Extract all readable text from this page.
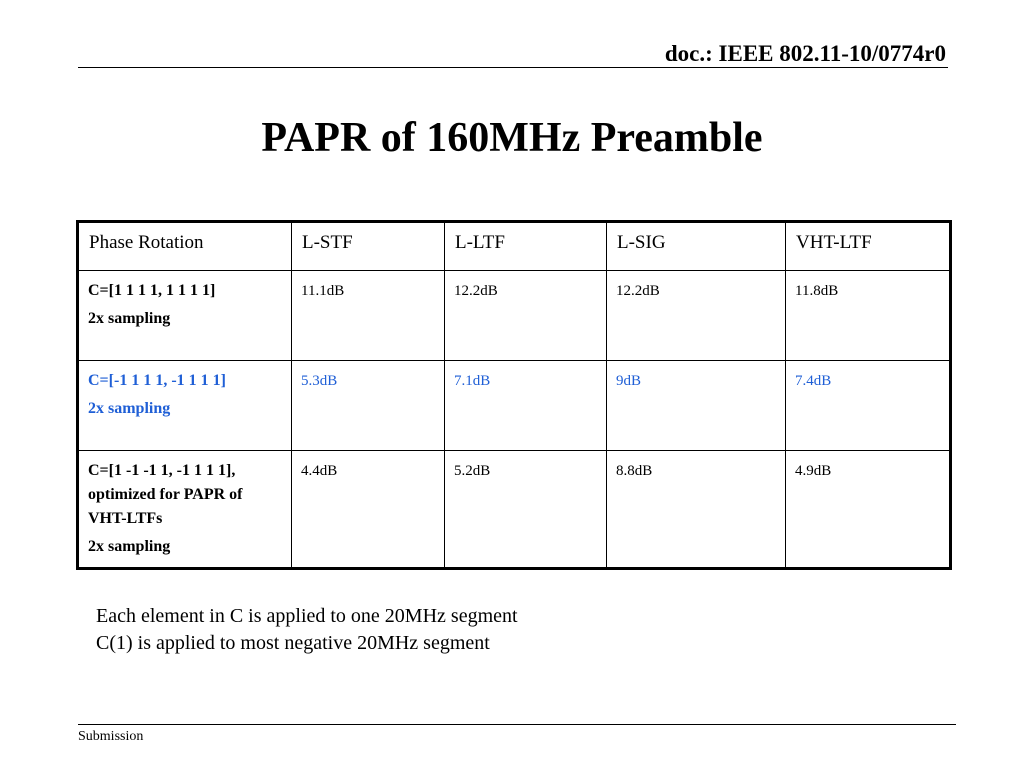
doc.: IEEE 802.11-10/0774r0
PAPR of 160MHz Preamble
Phase Rotation	L-STF	L-LTF	L-SIG	VHT-LTF

C=[1 1 1 1, 1 1 1 1]
2x sampling	11.1dB	12.2dB	12.2dB	11.8dB

C=[-1 1 1 1, -1 1 1 1]
2x sampling	5.3dB	7.1dB	9dB	7.4dB

C=[1 -1 -1 1, -1 1 1 1], optimized for PAPR of VHT-LTFs
2x sampling	4.4dB	5.2dB	8.8dB	4.9dB
Each element in C is applied to one 20MHz segment
C(1) is applied to most negative 20MHz segment
Submission
